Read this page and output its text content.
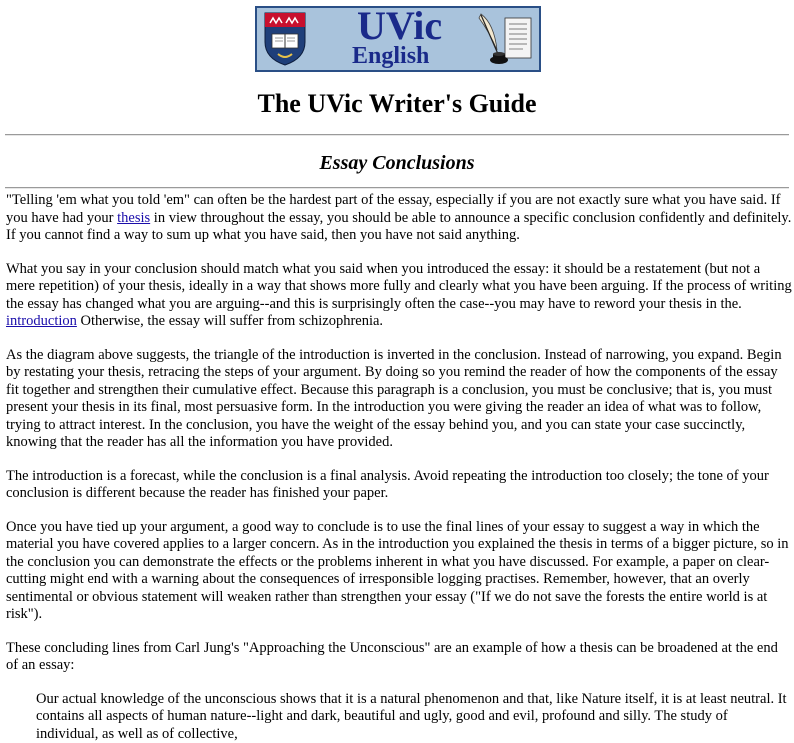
UVic
English
The UVic Writer's Guide
Essay Conclusions

"Telling 'em what you told 'em" can often be the hardest part of the essay, especially if you are not exactly sure what you have said. If you have had your thesis in view throughout the essay, you should be able to announce a specific conclusion confidently and definitely. If you cannot find a way to sum up what you have said, then you have not said anything.

What you say in your conclusion should match what you said when you introduced the essay: it should be a restatement (but not a mere repetition) of your thesis, ideally in a way that shows more fully and clearly what you have been arguing. If the process of writing the essay has changed what you are arguing--and this is surprisingly often the case--you may have to reword your thesis in the. introduction Otherwise, the essay will suffer from schizophrenia.

As the diagram above suggests, the triangle of the introduction is inverted in the conclusion. Instead of narrowing, you expand. Begin by restating your thesis, retracing the steps of your argument. By doing so you remind the reader of how the components of the essay fit together and strengthen their cumulative effect. Because this paragraph is a conclusion, you must be conclusive; that is, you must present your thesis in its final, most persuasive form. In the introduction you were giving the reader an idea of what was to follow, trying to attract interest. In the conclusion, you have the weight of the essay behind you, and you can state your case succinctly, knowing that the reader has all the information you have provided.

The introduction is a forecast, while the conclusion is a final analysis. Avoid repeating the introduction too closely; the tone of your conclusion is different because the reader has finished your paper.

Once you have tied up your argument, a good way to conclude is to use the final lines of your essay to suggest a way in which the material you have covered applies to a larger concern. As in the introduction you explained the thesis in terms of a bigger picture, so in the conclusion you can demonstrate the effects or the problems inherent in what you have discussed. For example, a paper on clear-cutting might end with a warning about the consequences of irresponsible logging practises. Remember, however, that an overly sentimental or obvious statement will weaken rather than strengthen your essay ("If we do not save the forests the entire world is at risk").

These concluding lines from Carl Jung's "Approaching the Unconscious" are an example of how a thesis can be broadened at the end of an essay:

Our actual knowledge of the unconscious shows that it is a natural phenomenon and that, like Nature itself, it is at least neutral. It contains all aspects of human nature--light and dark, beautiful and ugly, good and evil, profound and silly. The study of individual, as well as of collective,
